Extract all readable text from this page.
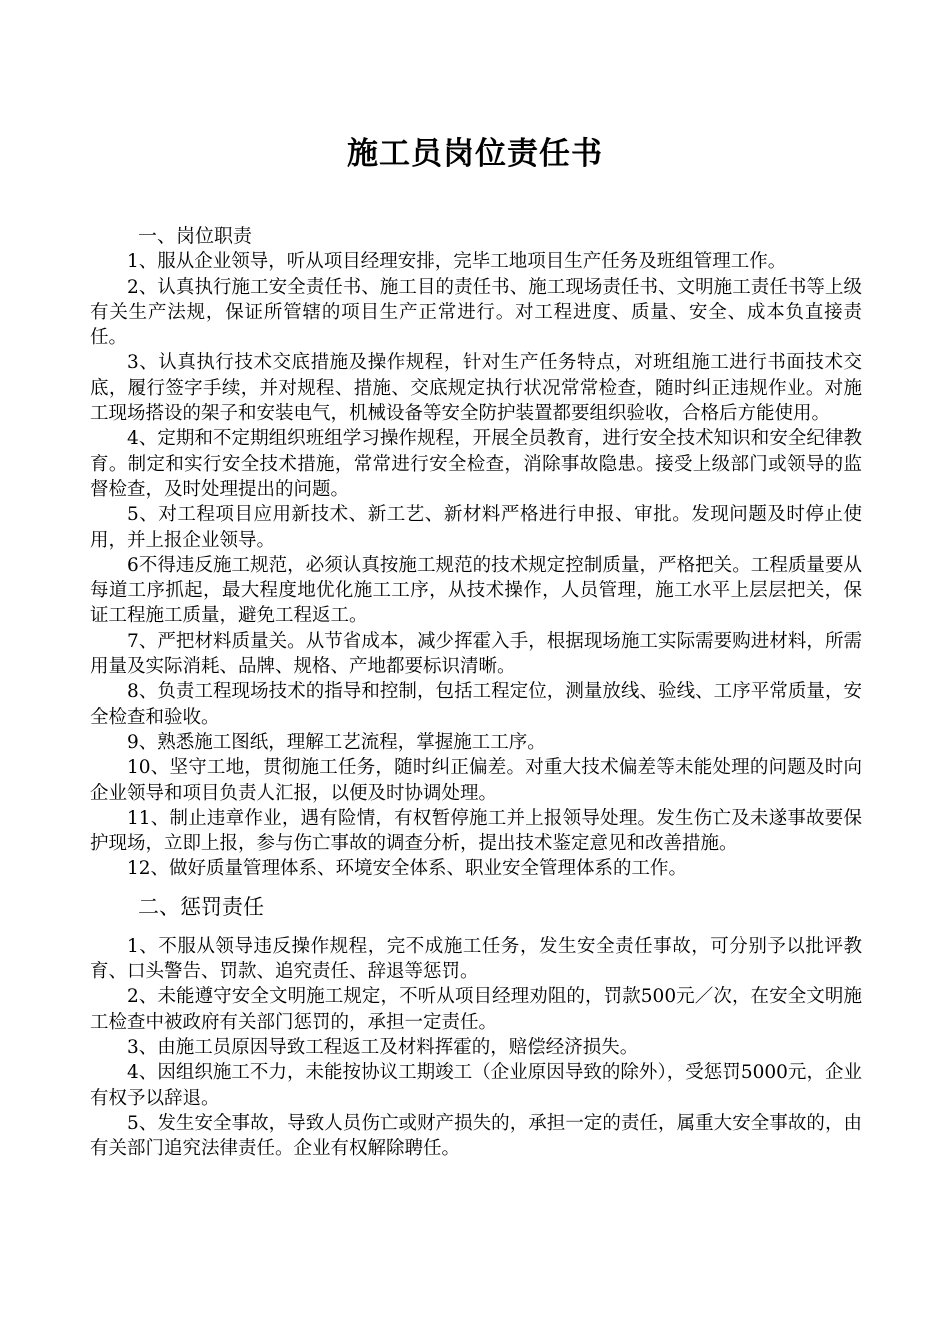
施工员岗位责任书
一、岗位职责

1、服从企业领导，听从项目经理安排，完毕工地项目生产任务及班组管理工作。

2、认真执行施工安全责任书、施工目的责任书、施工现场责任书、文明施工责任书等上级有关生产法规，保证所管辖的项目生产正常进行。对工程进度、质量、安全、成本负直接责任。

3、认真执行技术交底措施及操作规程，针对生产任务特点，对班组施工进行书面技术交底，履行签字手续，并对规程、措施、交底规定执行状况常常检查，随时纠正违规作业。对施工现场搭设的架子和安装电气，机械设备等安全防护装置都要组织验收，合格后方能使用。

4、定期和不定期组织班组学习操作规程，开展全员教育，进行安全技术知识和安全纪律教育。制定和实行安全技术措施，常常进行安全检查，消除事故隐患。接受上级部门或领导的监督检查，及时处理提出的问题。

5、对工程项目应用新技术、新工艺、新材料严格进行申报、审批。发现问题及时停止使用，并上报企业领导。

6不得违反施工规范，必须认真按施工规范的技术规定控制质量，严格把关。工程质量要从每道工序抓起，最大程度地优化施工工序，从技术操作，人员管理，施工水平上层层把关，保证工程施工质量，避免工程返工。

7、严把材料质量关。从节省成本，减少挥霍入手，根据现场施工实际需要购进材料，所需用量及实际消耗、品牌、规格、产地都要标识清晰。

8、负责工程现场技术的指导和控制，包括工程定位，测量放线、验线、工序平常质量，安全检查和验收。

9、熟悉施工图纸，理解工艺流程，掌握施工工序。

10、坚守工地，贯彻施工任务，随时纠正偏差。对重大技术偏差等未能处理的问题及时向企业领导和项目负责人汇报，以便及时协调处理。

11、制止违章作业，遇有险情，有权暂停施工并上报领导处理。发生伤亡及未遂事故要保护现场，立即上报，参与伤亡事故的调查分析，提出技术鉴定意见和改善措施。

12、做好质量管理体系、环境安全体系、职业安全管理体系的工作。

二、惩罚责任

1、不服从领导违反操作规程，完不成施工任务，发生安全责任事故，可分别予以批评教育、口头警告、罚款、追究责任、辞退等惩罚。

2、未能遵守安全文明施工规定，不听从项目经理劝阻的，罚款500元／次，在安全文明施工检查中被政府有关部门惩罚的，承担一定责任。

3、由施工员原因导致工程返工及材料挥霍的，赔偿经济损失。

4、因组织施工不力，未能按协议工期竣工（企业原因导致的除外），受惩罚5000元，企业有权予以辞退。

5、发生安全事故，导致人员伤亡或财产损失的，承担一定的责任，属重大安全事故的，由有关部门追究法律责任。企业有权解除聘任。
